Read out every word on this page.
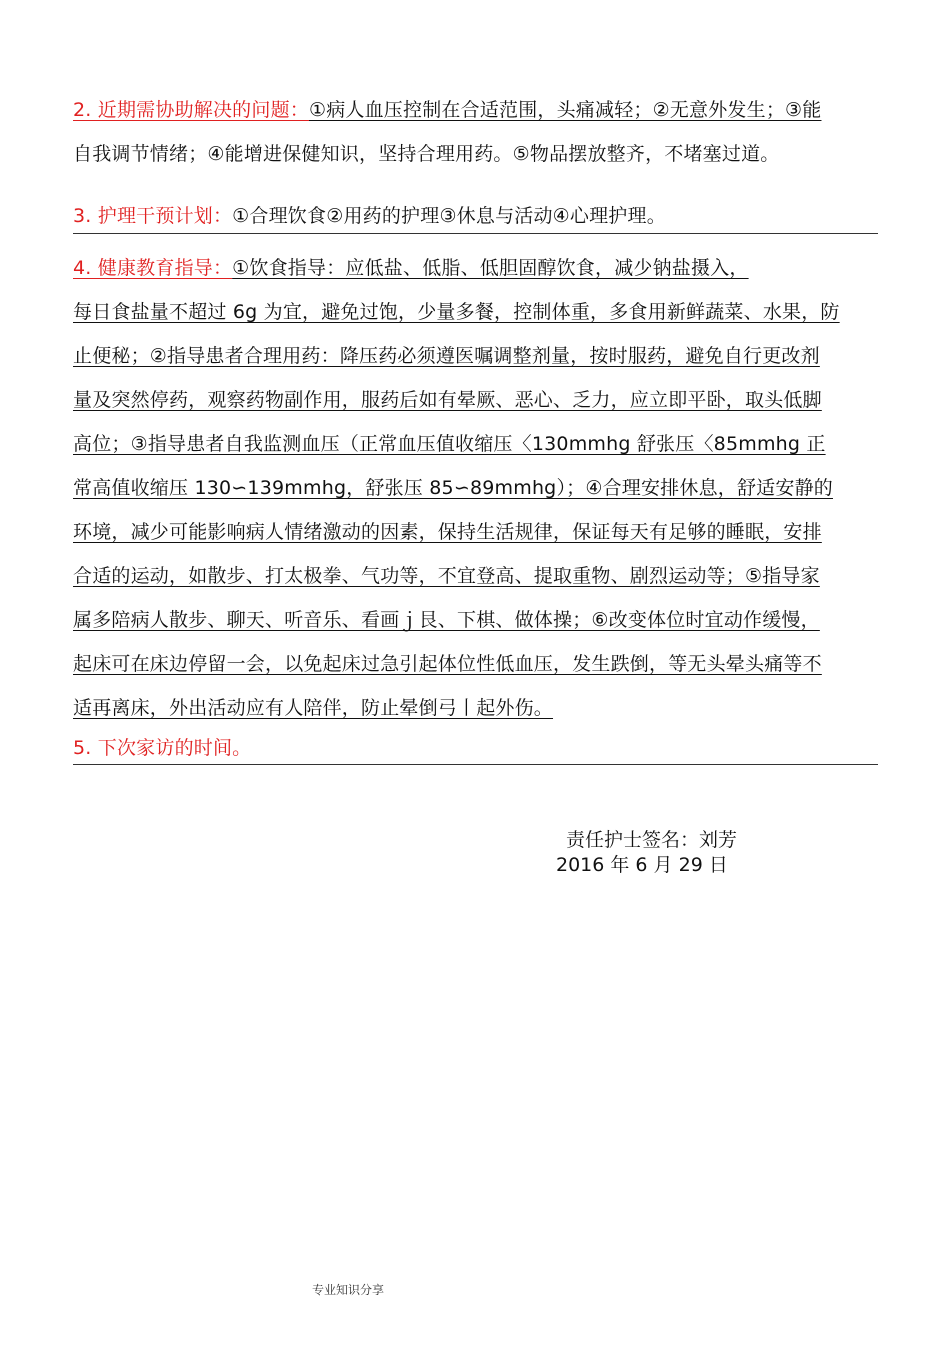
2. 近期需协助解决的问题：①病人血压控制在合适范围，头痛减轻；②无意外发生；③能
自我调节情绪；④能增进保健知识，坚持合理用药。⑤物品摆放整齐，不堵塞过道。
3. 护理干预计划：①合理饮食②用药的护理③休息与活动④心理护理。
4. 健康教育指导：①饮食指导：应低盐、低脂、低胆固醇饮食，减少钠盐摄入，
每日食盐量不超过 6g 为宜，避免过饱，少量多餐，控制体重，多食用新鲜蔬菜、水果，防
止便秘；②指导患者合理用药：降压药必须遵医嘱调整剂量，按时服药，避免自行更改剂
量及突然停药，观察药物副作用，服药后如有晕厥、恶心、乏力，应立即平卧，取头低脚
高位；③指导患者自我监测血压（正常血压值收缩压〈130mmhg 舒张压〈85mmhg 正
常高值收缩压 130∽139mmhg，舒张压 85∽89mmhg）；④合理安排休息，舒适安静的
环境，减少可能影响病人情绪激动的因素，保持生活规律，保证每天有足够的睡眠，安排
合适的运动，如散步、打太极拳、气功等，不宜登高、提取重物、剧烈运动等；⑤指导家
属多陪病人散步、聊天、听音乐、看画ｊ艮、下棋、做体操；⑥改变体位时宜动作缓慢，
起床可在床边停留一会，以免起床过急引起体位性低血压，发生跌倒，等无头晕头痛等不
适再离床，外出活动应有人陪伴，防止晕倒弓丨起外伤。
5. 下次家访的时间。
责任护士签名：刘芳
2016 年 6 月 29 日
专业知识分享
